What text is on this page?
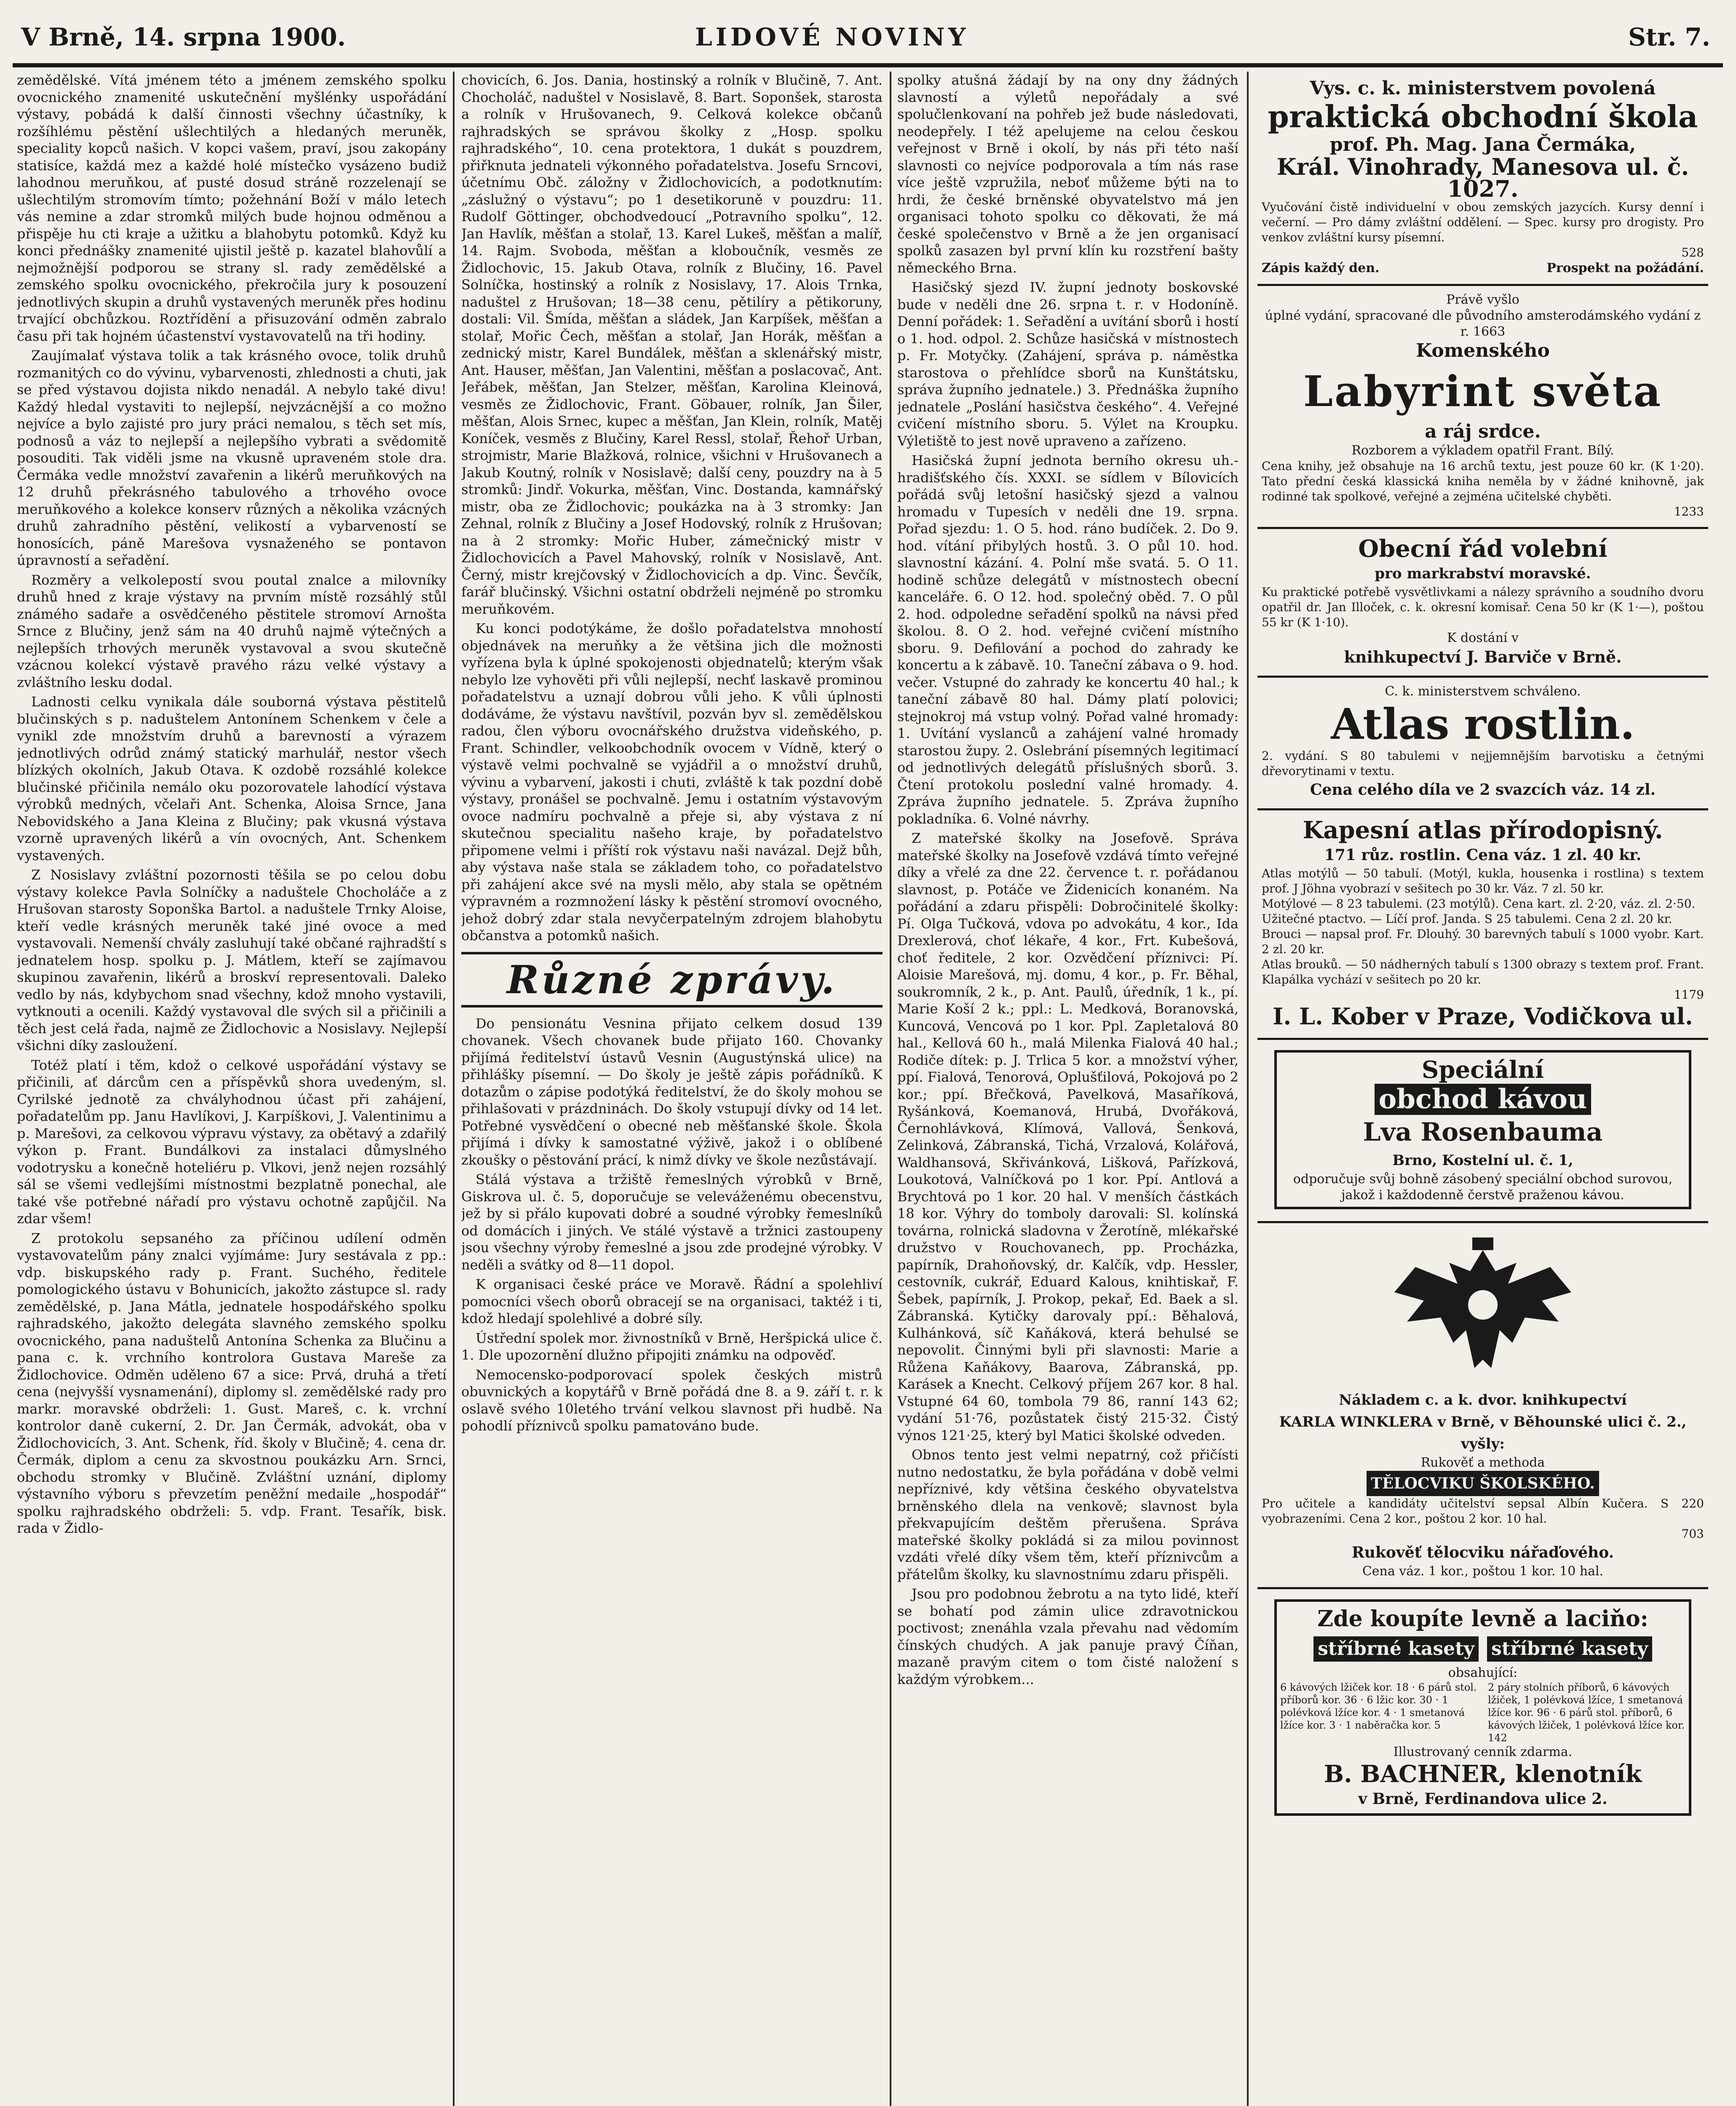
V Brně, 14. srpna 1900.	LIDOVÉ NOVINY	Str. 7.

zemědělské. Vítá jménem této a jménem zemského spolku ovocnického znamenité uskutečnění myšlénky uspořádání výstavy, pobádá k další činnosti všechny účastníky, k rozšíhlému pěstění ušlechtilých a hledaných meruněk, speciality kopců našich. V kopci vašem, praví, jsou zakopány statisíce, každá mez a každé holé místečko vysázeno budiž lahodnou meruňkou, ať pusté dosud stráně rozzelenají se ušlechtilým stromovím tímto; požehnání Boží v málo letech vás nemine a zdar stromků milých bude hojnou odměnou a přispěje hu cti kraje a užitku a blahobytu potomků. Když ku konci přednášky znamenité ujistil ještě p. kazatel blahovůlí a nejmožnější podporou se strany sl. rady zemědělské a zemského spolku ovocnického, překročila jury k posouzení jednotlivých skupin a druhů vystavených meruněk přes hodinu trvající obchůzkou. Roztřídění a přisuzování odměn zabralo času při tak hojném účastenství vystavovatelů na tři hodiny.

Zaujímalať výstava tolik a tak krásného ovoce, tolik druhů rozmanitých co do vývinu, vybarvenosti, zhlednosti a chuti, jak se před výstavou dojista nikdo nenadál. A nebylo také divu! Každý hledal vystaviti to nejlepší, nejvzácnější a co možno nejvíce a bylo zajisté pro jury práci nemalou, s těch set mís, podnosů a váz to nejlepší a nejlepšího vybrati a svědomitě posouditi. Tak viděli jsme na vkusně upraveném stole dra. Čermáka vedle množství zavařenin a likérů meruňkových na 12 druhů překrásného tabulového a trhového ovoce meruňkového a kolekce konserv různých a několika vzácných druhů zahradního pěstění, velikostí a vybarveností se honosících, páně Marešova vysnaženého se pontavon úpravností a seřadění.

Rozměry a velkolepostí svou poutal znalce a milovníky druhů hned z kraje výstavy na prvním místě rozsáhlý stůl známého sadaře a osvědčeného pěstitele stromoví Arnošta Srnce z Blučiny, jenž sám na 40 druhů najmě výtečných a nejlepších trhových meruněk vystavoval a svou skutečně vzácnou kolekcí výstavě pravého rázu velké výstavy a zvláštního lesku dodal.

Ladnosti celku vynikala dále souborná výstava pěstitelů blučinských s p. naduštelem Antonínem Schenkem v čele a vynikl zde množstvím druhů a barevností a výrazem jednotlivých odrůd známý statický marhulář, nestor všech blízkých okolních, Jakub Otava. K ozdobě rozsáhlé kolekce blučinské přičinila nemálo oku pozorovatele lahodící výstava výrobků medných, včelaři Ant. Schenka, Aloisa Srnce, Jana Nebovidského a Jana Kleina z Blučiny; pak vkusná výstava vzorně upravených likérů a vín ovocných, Ant. Schenkem vystavených.

Z Nosislavy zvláštní pozornosti těšila se po celou dobu výstavy kolekce Pavla Solníčky a naduštele Chocholáče a z Hrušovan starosty Soponška Bartol. a naduštele Trnky Aloise, kteří vedle krásných meruněk také jiné ovoce a med vystavovali. Nemenší chvály zasluhují také občané rajhradští s jednatelem hosp. spolku p. J. Mátlem, kteří se zajímavou skupinou zavařenin, likérů a broskví representovali. Daleko vedlo by nás, kdybychom snad všechny, kdož mnoho vystavili, vytknouti a ocenili. Každý vystavoval dle svých sil a přičinili a těch jest celá řada, najmě ze Židlochovic a Nosislavy. Nejlepší všichni díky zasloužení.

Totéž platí i těm, kdož o celkové uspořádání výstavy se přičinili, ať dárcům cen a příspěvků shora uvedeným, sl. Cyrilské jednotě za chvályhodnou účast při zahájení, pořadatelům pp. Janu Havlíkovi, J. Karpíškovi, J. Valentinimu a p. Marešovi, za celkovou výpravu výstavy, za obětavý a zdařilý výkon p. Frant. Bundálkovi za instalaci důmyslného vodotrysku a konečně hoteliéru p. Vlkovi, jenž nejen rozsáhlý sál se všemi vedlejšími místnostmi bezplatně ponechal, ale také vše potřebné nářadí pro výstavu ochotně zapůjčil. Na zdar všem!

Z protokolu sepsaného za příčinou udílení odměn vystavovatelům pány znalci vyjímáme: Jury sestávala z pp.: vdp. biskupského rady p. Frant. Suchého, ředitele pomologického ústavu v Bohunicích, jakožto zástupce sl. rady zemědělské, p. Jana Mátla, jednatele hospodářského spolku rajhradského, jakožto delegáta slavného zemského spolku ovocnického, pana naduštelů Antonína Schenka za Blučinu a pana c. k. vrchního kontrolora Gustava Mareše za Židlochovice. Odměn uděleno 67 a sice: Prvá, druhá a třetí cena (nejvyšší vysnamenání), diplomy sl. zemědělské rady pro markr. moravské obdrželi: 1. Gust. Mareš, c. k. vrchní kontrolor daně cukerní, 2. Dr. Jan Čermák, advokát, oba v Židlochovicích, 3. Ant. Schenk, říd. školy v Blučině; 4. cena dr. Čermák, diplom a cenu za skvostnou poukázku Arn. Srnci, obchodu stromky v Blučině. Zvláštní uznání, diplomy výstavního výboru s převzetím peněžní medaile „hospodář“ spolku rajhradského obdrželi: 5. vdp. Frant. Tesařík, bisk. rada v Židlo-

chovicích, 6. Jos. Dania, hostinský a rolník v Blučině, 7. Ant. Chocholáč, naduštel v Nosislavě, 8. Bart. Soponšek, starosta a rolník v Hrušovanech, 9. Celková kolekce občanů rajhradských se správou školky z „Hosp. spolku rajhradského“, 10. cena protektora, 1 dukát s pouzdrem, přiřknuta jednateli výkonného pořadatelstva. Josefu Srncovi, účetnímu Obč. záložny v Židlochovicích, a podotknutím: „záslužný o výstavu“; po 1 desetikoruně v pouzdru: 11. Rudolf Göttinger, obchodvedoucí „Potravního spolku“, 12. Jan Havlík, měšťan a stolař, 13. Karel Lukeš, měšťan a malíř, 14. Rajm. Svoboda, měšťan a kloboučník, vesměs ze Židlochovic, 15. Jakub Otava, rolník z Blučiny, 16. Pavel Solníčka, hostinský a rolník z Nosislavy, 17. Alois Trnka, naduštel z Hrušovan; 18—38 cenu, pětilíry a pětikoruny, dostali: Vil. Šmída, měšťan a sládek, Jan Karpíšek, měšťan a stolař, Mořic Čech, měšťan a stolař, Jan Horák, měšťan a zednický mistr, Karel Bundálek, měšťan a sklenářský mistr, Ant. Hauser, měšťan, Jan Valentini, měšťan a poslacovač, Ant. Jeřábek, měšťan, Jan Stelzer, měšťan, Karolina Kleinová, vesměs ze Židlochovic, Frant. Göbauer, rolník, Jan Šiler, měšťan, Alois Srnec, kupec a měšťan, Jan Klein, rolník, Matěj Koníček, vesměs z Blučiny, Karel Ressl, stolař, Řehoř Urban, strojmistr, Marie Blažková, rolnice, všichni v Hrušovanech a Jakub Koutný, rolník v Nosislavě; další ceny, pouzdry na à 5 stromků: Jindř. Vokurka, měšťan, Vinc. Dostanda, kamnářský mistr, oba ze Židlochovic; poukázka na à 3 stromky: Jan Zehnal, rolník z Blučiny a Josef Hodovský, rolník z Hrušovan; na à 2 stromky: Mořic Huber, zámečnický mistr v Židlochovicích a Pavel Mahovský, rolník v Nosislavě, Ant. Černý, mistr krejčovský v Židlochovicích a dp. Vinc. Ševčík, farář blučinský. Všichni ostatní obdrželi nejméně po stromku meruňkovém.

Ku konci podotýkáme, že došlo pořadatelstva mnohostí objednávek na meruňky a že většina jich dle možnosti vyřízena byla k úplné spokojenosti objednatelů; kterým však nebylo lze vyhověti při vůli nejlepší, nechť laskavě prominou pořadatelstvu a uznají dobrou vůli jeho. K vůli úplnosti dodáváme, že výstavu navštívil, pozván byv sl. zemědělskou radou, člen výboru ovocnářského družstva videňského, p. Frant. Schindler, velkoobchodník ovocem v Vídně, který o výstavě velmi pochvalně se vyjádřil a o množství druhů, vývinu a vybarvení, jakosti i chuti, zvláště k tak pozdní době výstavy, pronášel se pochvalně. Jemu i ostatním výstavovým ovoce nadmíru pochvalně a přeje si, aby výstava z ní skutečnou specialitu našeho kraje, by pořadatelstvo připomene velmi i příští rok výstavu naši navázal. Dejž bůh, aby výstava naše stala se základem toho, co pořadatelstvo při zahájení akce své na mysli mělo, aby stala se opětném výpravném a rozmnožení lásky k pěstění stromoví ovocného, jehož dobrý zdar stala nevyčerpatelným zdrojem blahobytu občanstva a potomků našich.

Různé zprávy.

Do pensionátu Vesnina přijato celkem dosud 139 chovanek. Všech chovanek bude přijato 160. Chovanky přijímá ředitelství ústavů Vesnin (Augustýnská ulice) na přihlášky písemní. — Do školy je ještě zápis pořádníků. K dotazům o zápise podotýká ředitelství, že do školy mohou se přihlašovati v prázdninách. Do školy vstupují dívky od 14 let. Potřebné vysvědčení o obecné neb měšťanské škole. Škola přijímá i dívky k samostatné výživě, jakož i o oblíbené zkoušky o pěstování prácí, k nimž dívky ve škole nezůstávají.

Stálá výstava a tržiště řemeslných výrobků v Brně, Giskrova ul. č. 5, doporučuje se veleváženému obecenstvu, jež by si přálo kupovati dobré a soudné výrobky řemeslníků od domácích i jiných. Ve stálé výstavě a tržnici zastoupeny jsou všechny výroby řemeslné a jsou zde prodejné výrobky. V neděli a svátky od 8—11 dopol.

K organisaci české práce ve Moravě. Řádní a spolehliví pomocníci všech oborů obracejí se na organisaci, taktéž i ti, kdož hledají spolehlivé a dobré síly.

Ústřední spolek mor. živnostníků v Brně, Heršpická ulice č. 1. Dle upozornění dlužno připojiti známku na odpověď.

Nemocensko-podporovací spolek českých mistrů obuvnických a kopytářů v Brně pořádá dne 8. a 9. září t. r. k oslavě svého 10letého trvání velkou slavnost při hudbě. Na pohodlí příznivců spolku pamatováno bude.

spolky atušná žádají by na ony dny žádných slavností a výletů nepořádaly a své spolučlenkovaní na pohřeb jež bude následovati, neodepřely. I též apelujeme na celou českou veřejnost v Brně i okolí, by nás při této naší slavnosti co nejvíce podporovala a tím nás rase více ještě vzpružila, neboť můžeme býti na to hrdi, že české brněnské obyvatelstvo má jen organisaci tohoto spolku co děkovati, že má české společenstvo v Brně a že jen organisací spolků zasazen byl první klín ku rozstření bašty německého Brna.

Hasičský sjezd IV. župní jednoty boskovské bude v neděli dne 26. srpna t. r. v Hodoníně. Denní pořádek: 1. Seřadění a uvítání sborů i hostí o 1. hod. odpol. 2. Schůze hasičská v místnostech p. Fr. Motyčky. (Zahájení, správa p. náměstka starostova o přehlídce sborů na Kunštátsku, správa župního jednatele.) 3. Přednáška župního jednatele „Poslání hasičstva českého“. 4. Veřejné cvičení místního sboru. 5. Výlet na Kroupku. Výletiště to jest nově upraveno a zařízeno.

Hasičská župní jednota berního okresu uh.-hradišťského čís. XXXI. se sídlem v Bílovicích pořádá svůj letošní hasičský sjezd a valnou hromadu v Tupesích v neděli dne 19. srpna. Pořad sjezdu: 1. O 5. hod. ráno budíček. 2. Do 9. hod. vítání přibylých hostů. 3. O půl 10. hod. slavnostní kázání. 4. Polní mše svatá. 5. O 11. hodině schůze delegátů v místnostech obecní kanceláře. 6. O 12. hod. společný oběd. 7. O půl 2. hod. odpoledne seřadění spolků na návsi před školou. 8. O 2. hod. veřejné cvičení místního sboru. 9. Defilování a pochod do zahrady ke koncertu a k zábavě. 10. Taneční zábava o 9. hod. večer. Vstupné do zahrady ke koncertu 40 hal.; k taneční zábavě 80 hal. Dámy platí polovici; stejnokroj má vstup volný. Pořad valné hromady: 1. Uvítání vyslanců a zahájení valné hromady starostou župy. 2. Oslebrání písemných legitimací od jednotlivých delegátů příslušných sborů. 3. Čtení protokolu poslední valné hromady. 4. Zpráva župního jednatele. 5. Zpráva župního pokladníka. 6. Volné návrhy.

Z mateřské školky na Josefově. Správa mateřské školky na Josefově vzdává tímto veřejné díky a vřelé za dne 22. července t. r. pořádanou slavnost, p. Potáče ve Židenicích konaném. Na pořádání a zdaru přispěli: Dobročinitelé školky: Pí. Olga Tučková, vdova po advokátu, 4 kor., Ida Drexlerová, choť lékaře, 4 kor., Frt. Kubešová, choť ředitele, 2 kor. Ozvědčení příznivci: Pí. Aloisie Marešová, mj. domu, 4 kor., p. Fr. Běhal, soukromník, 2 k., p. Ant. Paulů, úředník, 1 k., pí. Marie Koší 2 k.; ppl.: L. Medková, Boranovská, Kuncová, Vencová po 1 kor. Ppl. Zapletalová 80 hal., Kellová 60 h., malá Milenka Fialová 40 hal.; Rodiče dítek: p. J. Trlica 5 kor. a množství výher, ppí. Fialová, Tenorová, Oplušťilová, Pokojová po 2 kor.; ppí. Břečková, Pavelková, Masaříková, Ryšánková, Koemanová, Hrubá, Dvořáková, Černohlávková, Klímová, Vallová, Šenková, Zelinková, Zábranská, Tichá, Vrzalová, Kolářová, Waldhansová, Skřivánková, Lišková, Pařízková, Loukotová, Valníčková po 1 kor. Ppí. Antlová a Brychtová po 1 kor. 20 hal. V menších částkách 18 kor. Výhry do tomboly darovali: Sl. kolínská továrna, rolnická sladovna v Žerotíně, mlékařské družstvo v Rouchovanech, pp. Procházka, papírník, Drahoňovský, dr. Kalčík, vdp. Hessler, cestovník, cukrář, Eduard Kalous, knihtiskař, F. Šebek, papírník, J. Prokop, pekař, Ed. Baek a sl. Zábranská. Kytičky darovaly ppí.: Běhalová, Kulhánková, síč Kaňáková, která behulsé se nepovolit. Činnými byli při slavnosti: Marie a Růžena Kaňákovy, Baarova, Zábranská, pp. Karásek a Knecht. Celkový příjem 267 kor. 8 hal. Vstupné 64 60, tombola 79 86, ranní 143 62; vydání 51·76, pozůstatek čistý 215·32. Čistý výnos 121·25, který byl Matici školské odveden.

Obnos tento jest velmi nepatrný, což přičísti nutno nedostatku, že byla pořádána v době velmi nepříznivé, kdy většina českého obyvatelstva brněnského dlela na venkově; slavnost byla překvapujícím deštěm přerušena. Správa mateřské školky pokládá si za milou povinnost vzdáti vřelé díky všem těm, kteří příznivcům a přátelům školky, ku slavnostnímu zdaru přispěli.

Jsou pro podobnou žebrotu a na tyto lidé, kteří se bohatí pod zámin ulice zdravotnickou poctivost; znenáhla vzala převahu nad vědomím čínských chudých. A jak panuje pravý Číňan, mazaně pravým citem o tom čisté naložení s každým výrobkem...

Vys. c. k. ministerstvem povolená
praktická obchodní škola
prof. Ph. Mag. Jana Čermáka,
Král. Vinohrady, Manesova ul. č. 1027.
Vyučování čistě individuelní v obou zemských jazycích. Kursy denní i večerní. — Pro dámy zvláštní oddělení. — Spec. kursy pro drogisty. Pro venkov zvláštní kursy písemní.
528
Zápis každý den.	Prospekt na požádání.
Právě vyšlo
úplné vydání, spracované dle původního amsterodámského vydání z r. 1663
Komenského
Labyrint světa
a ráj srdce.
Rozborem a výkladem opatřil Frant. Bílý.
Cena knihy, jež obsahuje na 16 archů textu, jest pouze 60 kr. (K 1·20). Tato přední česká klassická kniha neměla by v žádné knihovně, jak rodinné tak spolkové, veřejné a zejména učitelské chyběti.
1233
Obecní řád volební
pro markrabství moravské.
Ku praktické potřebě vysvětlivkami a nálezy správního a soudního dvoru opatřil dr. Jan Illoček, c. k. okresní komisař. Cena 50 kr (K 1·—), poštou 55 kr (K 1·10).
K dostání v
knihkupectví J. Barviče v Brně.
C. k. ministerstvem schváleno.
Atlas rostlin.
2. vydání. S 80 tabulemi v nejjemnějším barvotisku a četnými dřevorytinami v textu.
Cena celého díla ve 2 svazcích váz. 14 zl.
Kapesní atlas přírodopisný.
171 růz. rostlin. Cena váz. 1 zl. 40 kr.
Atlas motýlů — 50 tabulí. (Motýl, kukla, housenka i rostlina) s textem prof. J Jöhna vyobrazí v sešitech po 30 kr. Váz. 7 zl. 50 kr.
Motýlové — 8 23 tabulemi. (23 motýlů). Cena kart. zl. 2·20, váz. zl. 2·50.
Užitečné ptactvo. — Líčí prof. Janda. S 25 tabulemi. Cena 2 zl. 20 kr.
Brouci — napsal prof. Fr. Dlouhý. 30 barevných tabulí s 1000 vyobr. Kart. 2 zl. 20 kr.
Atlas brouků. — 50 nádherných tabulí s 1300 obrazy s textem prof. Frant. Klapálka vychází v sešitech po 20 kr.
1179
I. L. Kober v Praze, Vodičkova ul.
Speciální
obchod kávou
Lva Rosenbauma
Brno, Kostelní ul. č. 1,
odporučuje svůj bohně zásobený speciální obchod surovou, jakož i každodenně čerstvě praženou kávou.
Nákladem c. a k. dvor. knihkupectví
KARLA WINKLERA v Brně, v Běhounské ulici č. 2., vyšly:
Rukověť a methoda
TĚLOCVIKU ŠKOLSKÉHO.
Pro učitele a kandidáty učitelství sepsal Albín Kučera. S 220 vyobrazeními. Cena 2 kor., poštou 2 kor. 10 hal.
703
Rukověť tělocviku nářaďového.
Cena váz. 1 kor., poštou 1 kor. 10 hal.
Zde koupíte levně a laciňo:
stříbrné kasety stříbrné kasety
obsahující:
6 kávových lžiček kor. 18 · 6 párů stol. příborů kor. 36 · 6 lžic kor. 30 · 1 polévková lžíce kor. 4 · 1 smetanová lžíce kor. 3 · 1 naběračka kor. 5
2 páry stolních příborů, 6 kávových lžiček, 1 polévková lžíce, 1 smetanová lžíce kor. 96 · 6 párů stol. příborů, 6 kávových lžiček, 1 polévková lžíce kor. 142
Illustrovaný cenník zdarma.
B. BACHNER, klenotník
v Brně, Ferdinandova ulice 2.
